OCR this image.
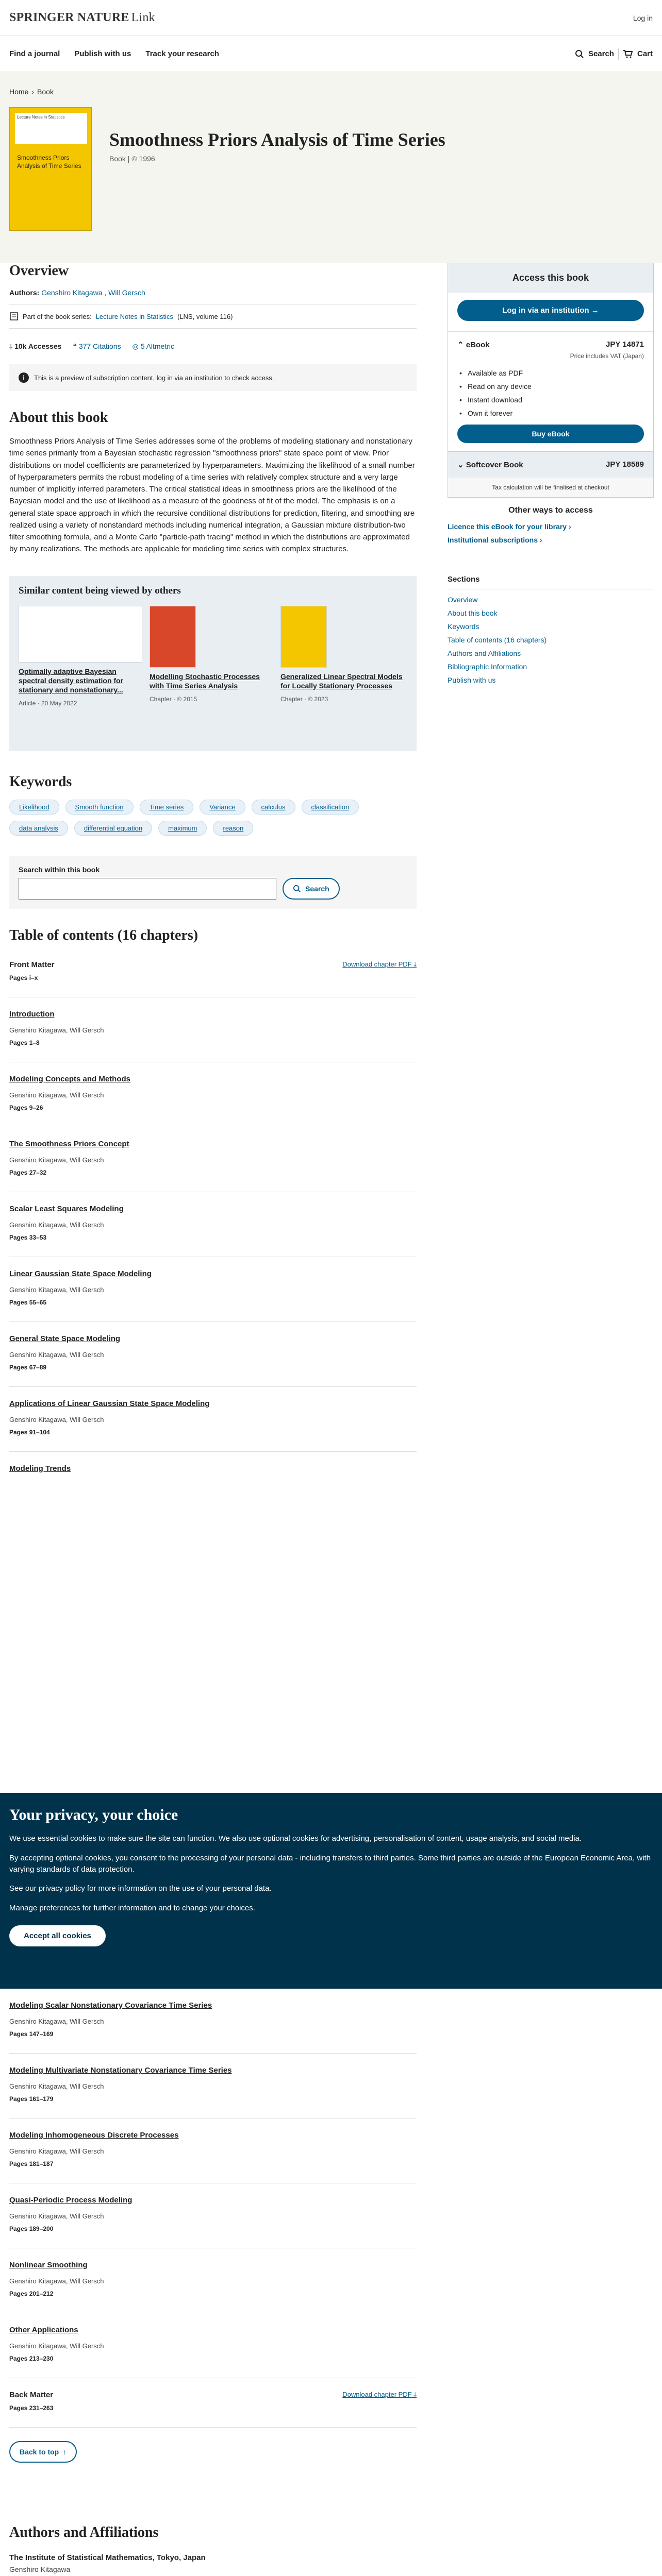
SPRINGER NATURE Link	Log in
Find a journal Publish with us Track your research	Search	Cart
Home › Book
Lecture Notes in Statistics
Smoothness Priors Analysis of Time Series
Smoothness Priors Analysis of Time Series
Book | © 1996
Overview
Authors: Genshiro Kitagawa , Will Gersch
Part of the book series: Lecture Notes in Statistics (LNS, volume 116)
⤓ 10k Accesses ❝ 377 Citations ◎ 5 Altmetric
i	This is a preview of subscription content, log in via an institution to check access.
About this book

Smoothness Priors Analysis of Time Series addresses some of the problems of modeling stationary and nonstationary time series primarily from a Bayesian stochastic regression "smoothness priors" state space point of view. Prior distributions on model coefficients are parameterized by hyperparameters. Maximizing the likelihood of a small number of hyperparameters permits the robust modeling of a time series with relatively complex structure and a very large number of implicitly inferred parameters. The critical statistical ideas in smoothness priors are the likelihood of the Bayesian model and the use of likelihood as a measure of the goodness of fit of the model. The emphasis is on a general state space approach in which the recursive conditional distributions for prediction, filtering, and smoothing are realized using a variety of nonstandard methods including numerical integration, a Gaussian mixture distribution-two filter smoothing formula, and a Monte Carlo "particle-path tracing" method in which the distributions are approximated by many realizations. The methods are applicable for modeling time series with complex structures.

Similar content being viewed by others
Optimally adaptive Bayesian spectral density estimation for stationary and nonstationary...
Article · 20 May 2022
Modelling Stochastic Processes with Time Series Analysis
Chapter · © 2015
Generalized Linear Spectral Models for Locally Stationary Processes
Chapter · © 2023
Keywords
Likelihood	Smooth function	Time series	Variance	calculus	classification
data analysis	differential equation	maximum	reason
Search within this book
Search
Table of contents (16 chapters)
Front Matter	Download chapter PDF ⤓
Pages i–x
Introduction
Genshiro Kitagawa, Will Gersch
Pages 1–8
Modeling Concepts and Methods
Genshiro Kitagawa, Will Gersch
Pages 9–26
The Smoothness Priors Concept
Genshiro Kitagawa, Will Gersch
Pages 27–32
Scalar Least Squares Modeling
Genshiro Kitagawa, Will Gersch
Pages 33–53
Linear Gaussian State Space Modeling
Genshiro Kitagawa, Will Gersch
Pages 55–65
General State Space Modeling
Genshiro Kitagawa, Will Gersch
Pages 67–89
Applications of Linear Gaussian State Space Modeling
Genshiro Kitagawa, Will Gersch
Pages 91–104
Modeling Trends
Access this book
Log in via an institution →
⌃ eBook	JPY 14871
Price includes VAT (Japan)
• Available as PDF
• Read on any device
• Instant download
• Own it forever
Buy eBook
⌄ Softcover Book	JPY 18589
Tax calculation will be finalised at checkout
Other ways to access
Licence this eBook for your library ›
Institutional subscriptions ›
Sections
Overview
About this book
Keywords
Table of contents (16 chapters)
Authors and Affiliations
Bibliographic Information
Publish with us
Your privacy, your choice

We use essential cookies to make sure the site can function. We also use optional cookies for advertising, personalisation of content, usage analysis, and social media.

By accepting optional cookies, you consent to the processing of your personal data - including transfers to third parties. Some third parties are outside of the European Economic Area, with varying standards of data protection.

See our privacy policy for more information on the use of your personal data.

Manage preferences for further information and to change your choices.

Accept all cookies
Modeling Scalar Nonstationary Covariance Time Series
Genshiro Kitagawa, Will Gersch
Pages 147–169
Modeling Multivariate Nonstationary Covariance Time Series
Genshiro Kitagawa, Will Gersch
Pages 161–179
Modeling Inhomogeneous Discrete Processes
Genshiro Kitagawa, Will Gersch
Pages 181–187
Quasi-Periodic Process Modeling
Genshiro Kitagawa, Will Gersch
Pages 189–200
Nonlinear Smoothing
Genshiro Kitagawa, Will Gersch
Pages 201–212
Other Applications
Genshiro Kitagawa, Will Gersch
Pages 213–230
Back Matter	Download chapter PDF ⤓
Pages 231–263
Back to top ↑
Authors and Affiliations
The Institute of Statistical Mathematics, Tokyo, Japan
Genshiro Kitagawa
